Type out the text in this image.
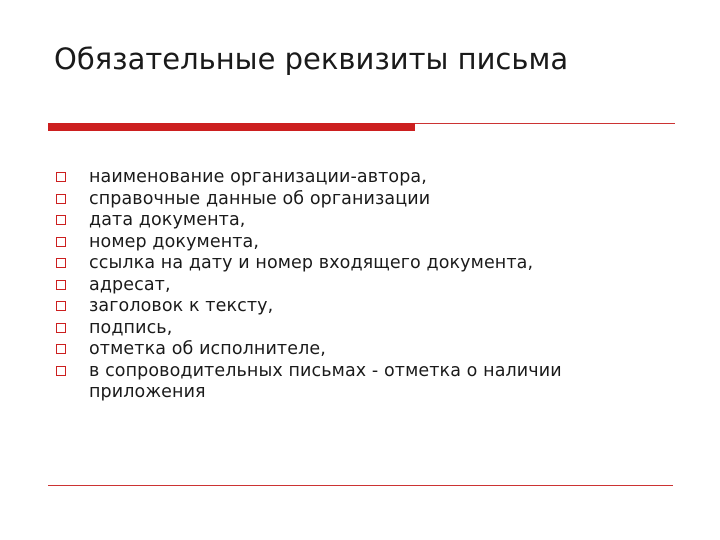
Обязательные реквизиты письма
наименование организации-автора,
справочные данные об организации
дата документа,
номер документа,
ссылка на дату и номер входящего документа,
адресат,
заголовок к тексту,
подпись,
отметка об исполнителе,
в сопроводительных письмах - отметка о наличии приложения
